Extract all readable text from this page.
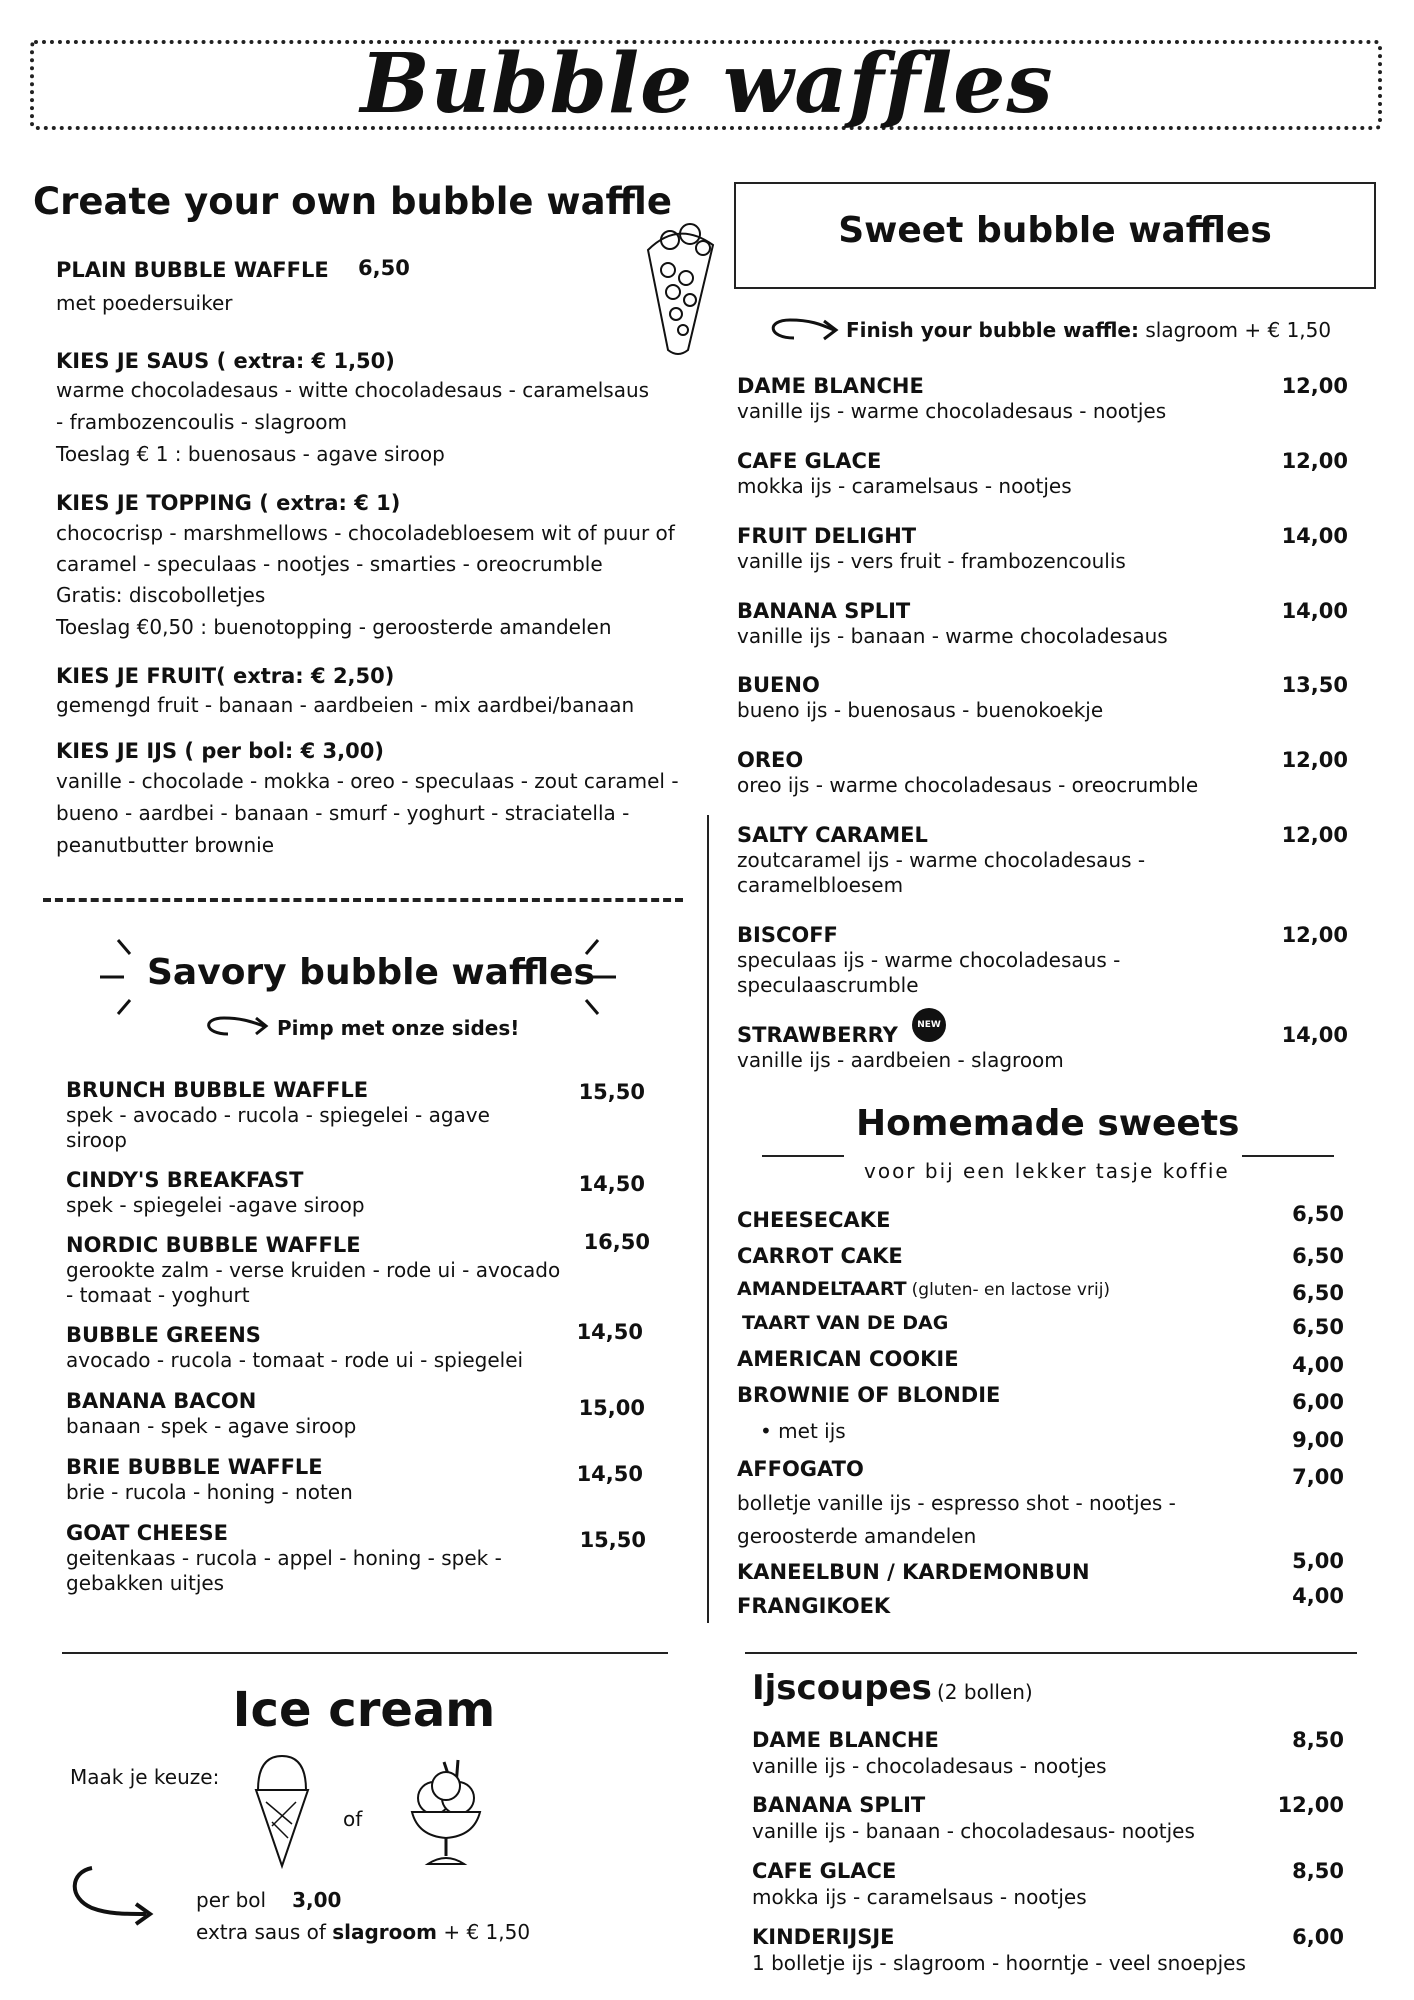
Bubble waffles
Create your own bubble waffle
PLAIN BUBBLE WAFFLE 6,50
met poedersuiker
KIES JE SAUS ( extra: € 1,50)
warme chocoladesaus - witte chocoladesaus - caramelsaus
- frambozencoulis - slagroom
Toeslag € 1 : buenosaus - agave siroop
KIES JE TOPPING ( extra: € 1)
chococrisp - marshmellows - chocoladebloesem wit of puur of
caramel - speculaas - nootjes - smarties - oreocrumble
Gratis: discobolletjes
Toeslag €0,50 : buenotopping - geroosterde amandelen
KIES JE FRUIT( extra: € 2,50)
gemengd fruit - banaan - aardbeien - mix aardbei/banaan
KIES JE IJS ( per bol: € 3,00)
vanille - chocolade - mokka - oreo - speculaas - zout caramel -
bueno - aardbei - banaan - smurf - yoghurt - straciatella -
peanutbutter brownie
Savory bubble waffles
Pimp met onze sides!
BRUNCH BUBBLE WAFFLE	15,50
spek - avocado - rucola - spiegelei - agave
siroop
CINDY'S BREAKFAST	14,50
spek - spiegelei -agave siroop
NORDIC BUBBLE WAFFLE	16,50
gerookte zalm - verse kruiden - rode ui - avocado
- tomaat - yoghurt
BUBBLE GREENS	14,50
avocado - rucola - tomaat - rode ui - spiegelei
BANANA BACON	15,00
banaan - spek - agave siroop
BRIE BUBBLE WAFFLE	14,50
brie - rucola - honing - noten
GOAT CHEESE	15,50
geitenkaas - rucola - appel - honing - spek -
gebakken uitjes
Sweet bubble waffles
Finish your bubble waffle: slagroom + € 1,50
DAME BLANCHE	12,00
vanille ijs - warme chocoladesaus - nootjes
CAFE GLACE	12,00
mokka ijs - caramelsaus - nootjes
FRUIT DELIGHT	14,00
vanille ijs - vers fruit - frambozencoulis
BANANA SPLIT	14,00
vanille ijs - banaan - warme chocoladesaus
BUENO	13,50
bueno ijs - buenosaus - buenokoekje
OREO	12,00
oreo ijs - warme chocoladesaus - oreocrumble
SALTY CARAMEL	12,00
zoutcaramel ijs - warme chocoladesaus -
caramelbloesem
BISCOFF	12,00
speculaas ijs - warme chocoladesaus -
speculaascrumble
STRAWBERRY	NEW	14,00
vanille ijs - aardbeien - slagroom
Homemade sweets
voor bij een lekker tasje koffie
CHEESECAKE	6,50
CARROT CAKE	6,50
AMANDELTAART (gluten- en lactose vrij)	6,50
TAART VAN DE DAG	6,50
AMERICAN COOKIE	4,00
BROWNIE OF BLONDIE	6,00
• met ijs	9,00
AFFOGATO	7,00
bolletje vanille ijs - espresso shot - nootjes -
geroosterde amandelen
KANEELBUN / KARDEMONBUN	5,00
FRANGIKOEK	4,00
Ice cream
Maak je keuze:
of
per bol 3,00
extra saus of slagroom + € 1,50
Ijscoupes (2 bollen)
DAME BLANCHE	8,50
vanille ijs - chocoladesaus - nootjes
BANANA SPLIT	12,00
vanille ijs - banaan - chocoladesaus- nootjes
CAFE GLACE	8,50
mokka ijs - caramelsaus - nootjes
KINDERIJSJE	6,00
1 bolletje ijs - slagroom - hoorntje - veel snoepjes
